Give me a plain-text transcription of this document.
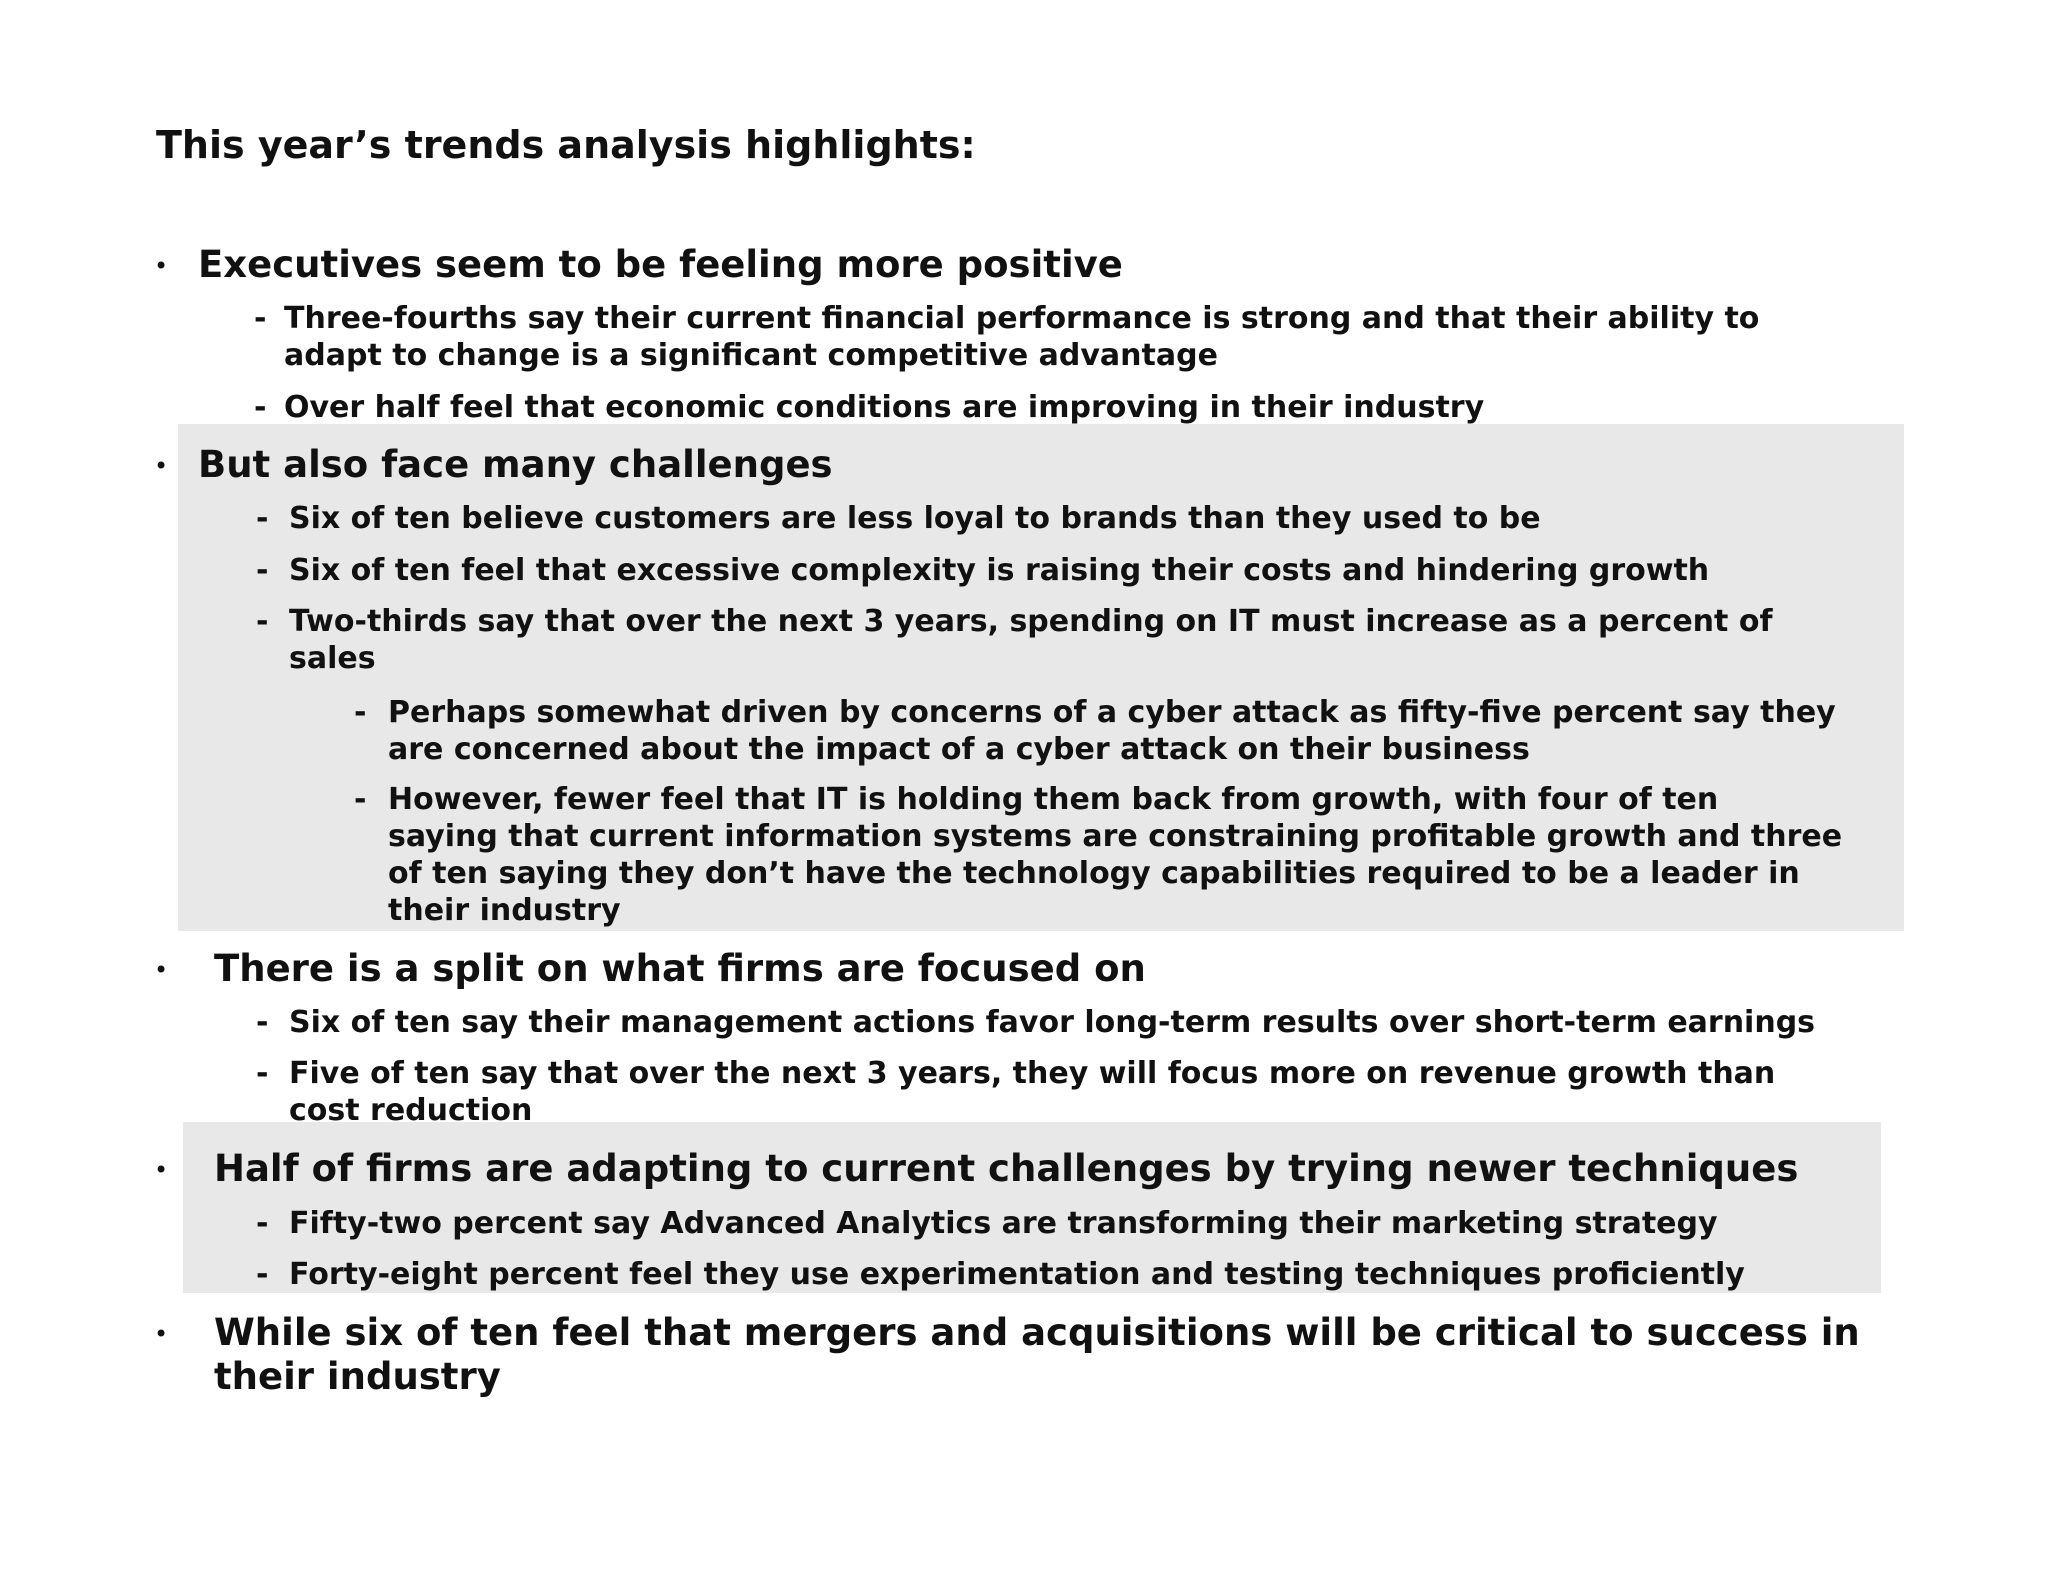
This year’s trends analysis highlights:
• Executives seem to be feeling more positive
- Three-fourths say their current financial performance is strong and that their ability to
adapt to change is a significant competitive advantage
- Over half feel that economic conditions are improving in their industry
• But also face many challenges
- Six of ten believe customers are less loyal to brands than they used to be
- Six of ten feel that excessive complexity is raising their costs and hindering growth
- Two-thirds say that over the next 3 years, spending on IT must increase as a percent of
sales
- Perhaps somewhat driven by concerns of a cyber attack as fifty-five percent say they
are concerned about the impact of a cyber attack on their business
- However, fewer feel that IT is holding them back from growth, with four of ten
saying that current information systems are constraining profitable growth and three
of ten saying they don’t have the technology capabilities required to be a leader in
their industry
• There is a split on what firms are focused on
- Six of ten say their management actions favor long-term results over short-term earnings
- Five of ten say that over the next 3 years, they will focus more on revenue growth than
cost reduction
• Half of firms are adapting to current challenges by trying newer techniques
- Fifty-two percent say Advanced Analytics are transforming their marketing strategy
- Forty-eight percent feel they use experimentation and testing techniques proficiently
• While six of ten feel that mergers and acquisitions will be critical to success in
their industry
